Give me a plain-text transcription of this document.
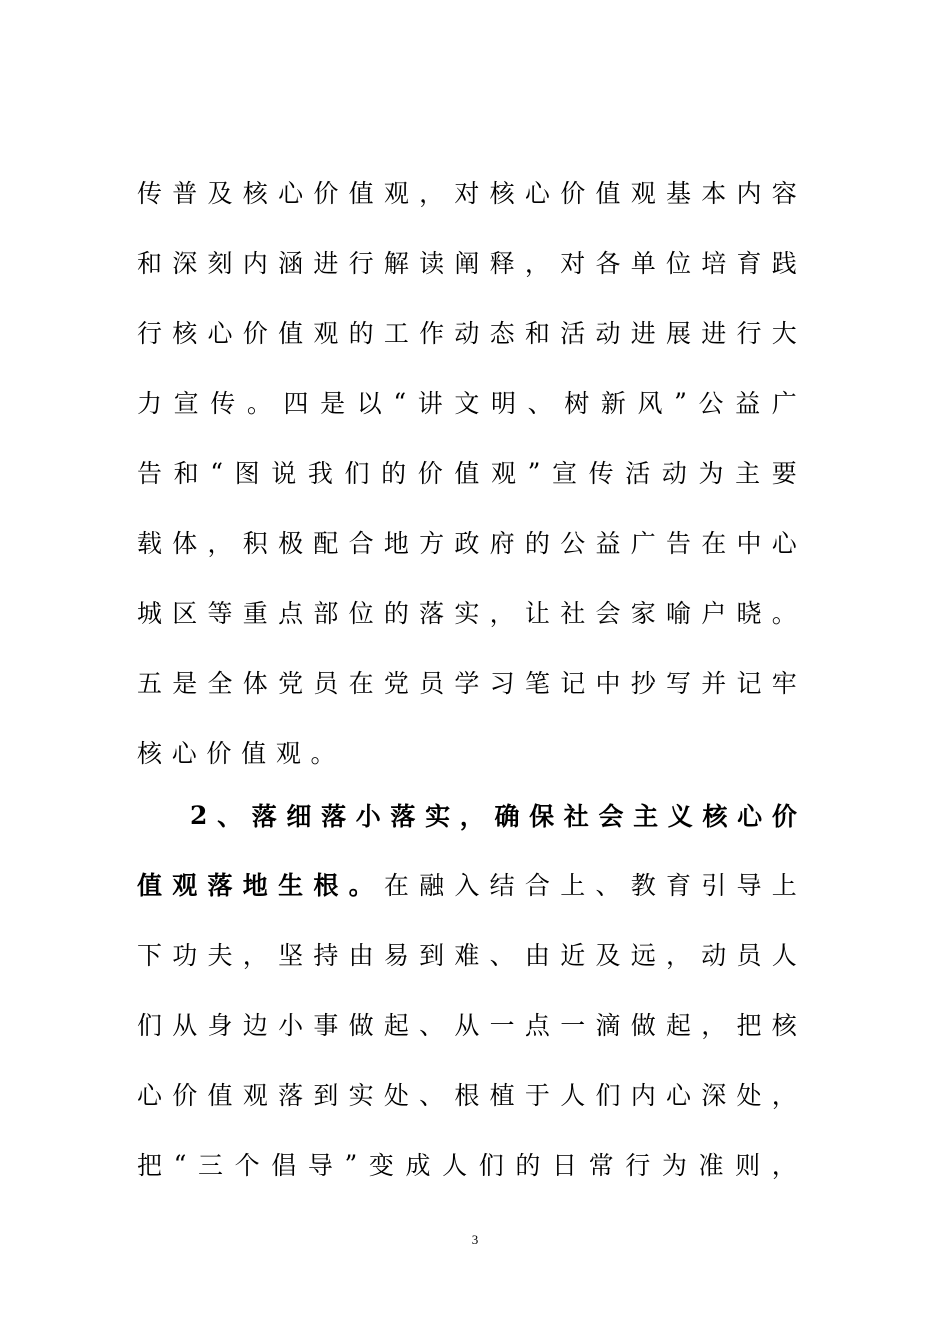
传 普 及 核 心 价 值 观 ， 对 核 心 价 值 观 基 本 内 容
和 深 刻 内 涵 进 行 解 读 阐 释 ， 对 各 单 位 培 育 践
行 核 心 价 值 观 的 工 作 动 态 和 活 动 进 展 进 行 大
力 宣 传 。 四 是 以 “ 讲 文 明 、 树 新 风 ” 公 益 广
告 和 “ 图 说 我 们 的 价 值 观 ” 宣 传 活 动 为 主 要
载 体 ， 积 极 配 合 地 方 政 府 的 公 益 广 告 在 中 心
城 区 等 重 点 部 位 的 落 实 ， 让 社 会 家 喻 户 晓 。
五 是 全 体 党 员 在 党 员 学 习 笔 记 中 抄 写 并 记 牢
核 心 价 值 观 。
2 、 落 细 落 小 落 实 ， 确 保 社 会 主 义 核 心 价
值 观 落 地 生 根 。 在 融 入 结 合 上 、 教 育 引 导 上
下 功 夫 ， 坚 持 由 易 到 难 、 由 近 及 远 ， 动 员 人
们 从 身 边 小 事 做 起 、 从 一 点 一 滴 做 起 ， 把 核
心 价 值 观 落 到 实 处 、 根 植 于 人 们 内 心 深 处 ，
把 “ 三 个 倡 导 ” 变 成 人 们 的 日 常 行 为 准 则 ，
3
